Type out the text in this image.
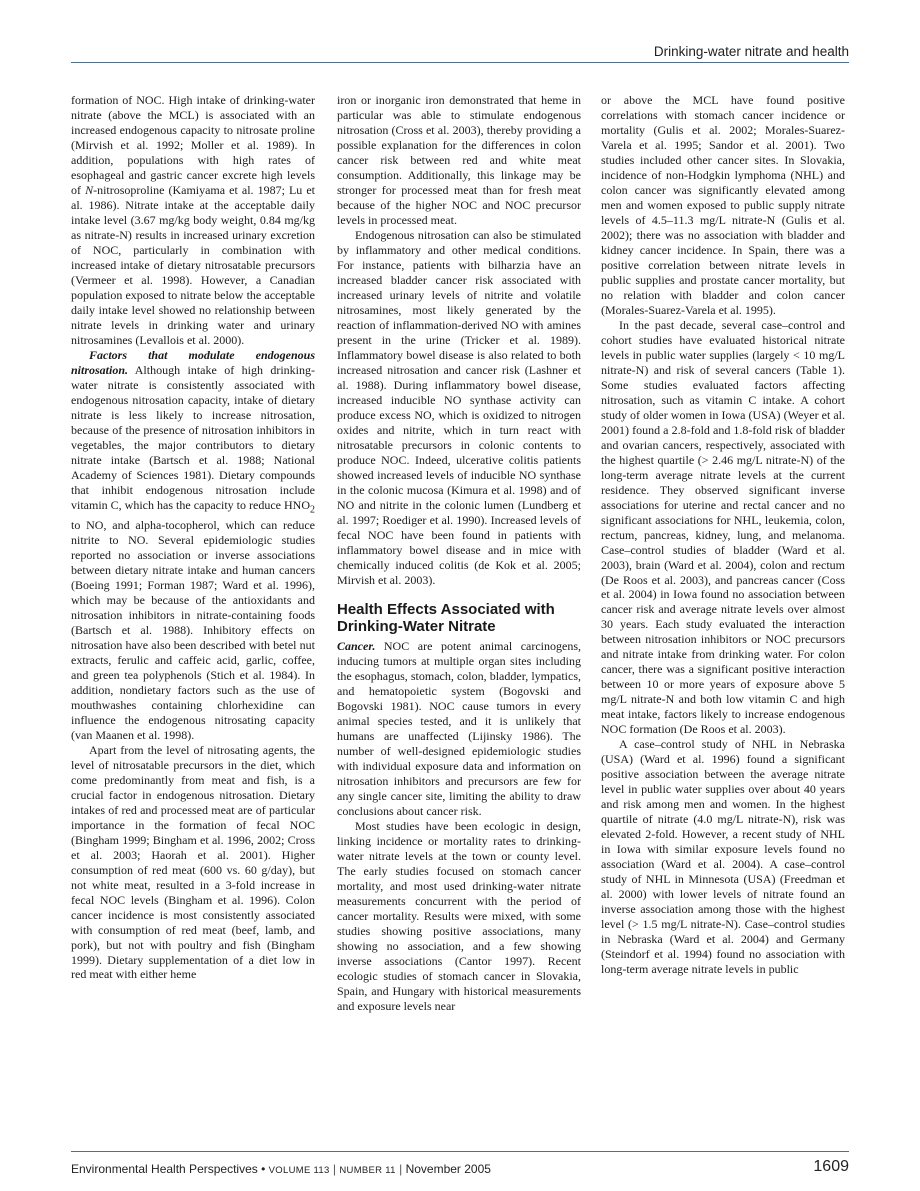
Drinking-water nitrate and health

formation of NOC. High intake of drinking-water nitrate (above the MCL) is associated with an increased endogenous capacity to nitrosate proline (Mirvish et al. 1992; Moller et al. 1989). In addition, populations with high rates of esophageal and gastric cancer excrete high levels of N-nitrosoproline (Kamiyama et al. 1987; Lu et al. 1986). Nitrate intake at the acceptable daily intake level (3.67 mg/kg body weight, 0.84 mg/kg as nitrate-N) results in increased urinary excretion of NOC, particularly in combination with increased intake of dietary nitrosatable precursors (Vermeer et al. 1998). However, a Canadian population exposed to nitrate below the acceptable daily intake level showed no relationship between nitrate levels in drinking water and urinary nitrosamines (Levallois et al. 2000).

Factors that modulate endogenous nitrosation. Although intake of high drinking-water nitrate is consistently associated with endogenous nitrosation capacity, intake of dietary nitrate is less likely to increase nitrosation, because of the presence of nitrosation inhibitors in vegetables, the major contributors to dietary nitrate intake (Bartsch et al. 1988; National Academy of Sciences 1981). Dietary compounds that inhibit endogenous nitrosation include vitamin C, which has the capacity to reduce $HNO_2$ to NO, and alpha-tocopherol, which can reduce nitrite to NO. Several epidemiologic studies reported no association or inverse associations between dietary nitrate intake and human cancers (Boeing 1991; Forman 1987; Ward et al. 1996), which may be because of the antioxidants and nitrosation inhibitors in nitrate-containing foods (Bartsch et al. 1988). Inhibitory effects on nitrosation have also been described with betel nut extracts, ferulic and caffeic acid, garlic, coffee, and green tea polyphenols (Stich et al. 1984). In addition, nondietary factors such as the use of mouthwashes containing chlorhexidine can influence the endogenous nitrosating capacity (van Maanen et al. 1998).

Apart from the level of nitrosating agents, the level of nitrosatable precursors in the diet, which come predominantly from meat and fish, is a crucial factor in endogenous nitrosation. Dietary intakes of red and processed meat are of particular importance in the formation of fecal NOC (Bingham 1999; Bingham et al. 1996, 2002; Cross et al. 2003; Haorah et al. 2001). Higher consumption of red meat (600 vs. 60 g/day), but not white meat, resulted in a 3-fold increase in fecal NOC levels (Bingham et al. 1996). Colon cancer incidence is most consistently associated with consumption of red meat (beef, lamb, and pork), but not with poultry and fish (Bingham 1999). Dietary supplementation of a diet low in red meat with either heme

iron or inorganic iron demonstrated that heme in particular was able to stimulate endogenous nitrosation (Cross et al. 2003), thereby providing a possible explanation for the differences in colon cancer risk between red and white meat consumption. Additionally, this linkage may be stronger for processed meat than for fresh meat because of the higher NOC and NOC precursor levels in processed meat.

Endogenous nitrosation can also be stimulated by inflammatory and other medical conditions. For instance, patients with bilharzia have an increased bladder cancer risk associated with increased urinary levels of nitrite and volatile nitrosamines, most likely generated by the reaction of inflammation-derived NO with amines present in the urine (Tricker et al. 1989). Inflammatory bowel disease is also related to both increased nitrosation and cancer risk (Lashner et al. 1988). During inflammatory bowel disease, increased inducible NO synthase activity can produce excess NO, which is oxidized to nitrogen oxides and nitrite, which in turn react with nitrosatable precursors in colonic contents to produce NOC. Indeed, ulcerative colitis patients showed increased levels of inducible NO synthase in the colonic mucosa (Kimura et al. 1998) and of NO and nitrite in the colonic lumen (Lundberg et al. 1997; Roediger et al. 1990). Increased levels of fecal NOC have been found in patients with inflammatory bowel disease and in mice with chemically induced colitis (de Kok et al. 2005; Mirvish et al. 2003).

Health Effects Associated with Drinking-Water Nitrate

Cancer. NOC are potent animal carcinogens, inducing tumors at multiple organ sites including the esophagus, stomach, colon, bladder, lympatics, and hematopoietic system (Bogovski and Bogovski 1981). NOC cause tumors in every animal species tested, and it is unlikely that humans are unaffected (Lijinsky 1986). The number of well-designed epidemiologic studies with individual exposure data and information on nitrosation inhibitors and precursors are few for any single cancer site, limiting the ability to draw conclusions about cancer risk.

Most studies have been ecologic in design, linking incidence or mortality rates to drinking-water nitrate levels at the town or county level. The early studies focused on stomach cancer mortality, and most used drinking-water nitrate measurements concurrent with the period of cancer mortality. Results were mixed, with some studies showing positive associations, many showing no association, and a few showing inverse associations (Cantor 1997). Recent ecologic studies of stomach cancer in Slovakia, Spain, and Hungary with historical measurements and exposure levels near

or above the MCL have found positive correlations with stomach cancer incidence or mortality (Gulis et al. 2002; Morales-Suarez-Varela et al. 1995; Sandor et al. 2001). Two studies included other cancer sites. In Slovakia, incidence of non-Hodgkin lymphoma (NHL) and colon cancer was significantly elevated among men and women exposed to public supply nitrate levels of 4.5–11.3 mg/L nitrate-N (Gulis et al. 2002); there was no association with bladder and kidney cancer incidence. In Spain, there was a positive correlation between nitrate levels in public supplies and prostate cancer mortality, but no relation with bladder and colon cancer (Morales-Suarez-Varela et al. 1995).

In the past decade, several case–control and cohort studies have evaluated historical nitrate levels in public water supplies (largely < 10 mg/L nitrate-N) and risk of several cancers (Table 1). Some studies evaluated factors affecting nitrosation, such as vitamin C intake. A cohort study of older women in Iowa (USA) (Weyer et al. 2001) found a 2.8-fold and 1.8-fold risk of bladder and ovarian cancers, respectively, associated with the highest quartile (> 2.46 mg/L nitrate-N) of the long-term average nitrate levels at the current residence. They observed significant inverse associations for uterine and rectal cancer and no significant associations for NHL, leukemia, colon, rectum, pancreas, kidney, lung, and melanoma. Case–control studies of bladder (Ward et al. 2003), brain (Ward et al. 2004), colon and rectum (De Roos et al. 2003), and pancreas cancer (Coss et al. 2004) in Iowa found no association between cancer risk and average nitrate levels over almost 30 years. Each study evaluated the interaction between nitrosation inhibitors or NOC precursors and nitrate intake from drinking water. For colon cancer, there was a significant positive interaction between 10 or more years of exposure above 5 mg/L nitrate-N and both low vitamin C and high meat intake, factors likely to increase endogenous NOC formation (De Roos et al. 2003).

A case–control study of NHL in Nebraska (USA) (Ward et al. 1996) found a significant positive association between the average nitrate level in public water supplies over about 40 years and risk among men and women. In the highest quartile of nitrate (4.0 mg/L nitrate-N), risk was elevated 2-fold. However, a recent study of NHL in Iowa with similar exposure levels found no association (Ward et al. 2004). A case–control study of NHL in Minnesota (USA) (Freedman et al. 2000) with lower levels of nitrate found an inverse association among those with the highest level (> 1.5 mg/L nitrate-N). Case–control studies in Nebraska (Ward et al. 2004) and Germany (Steindorf et al. 1994) found no association with long-term average nitrate levels in public

Environmental Health Perspectives • VOLUME 113 | NUMBER 11 | November 2005	1609
